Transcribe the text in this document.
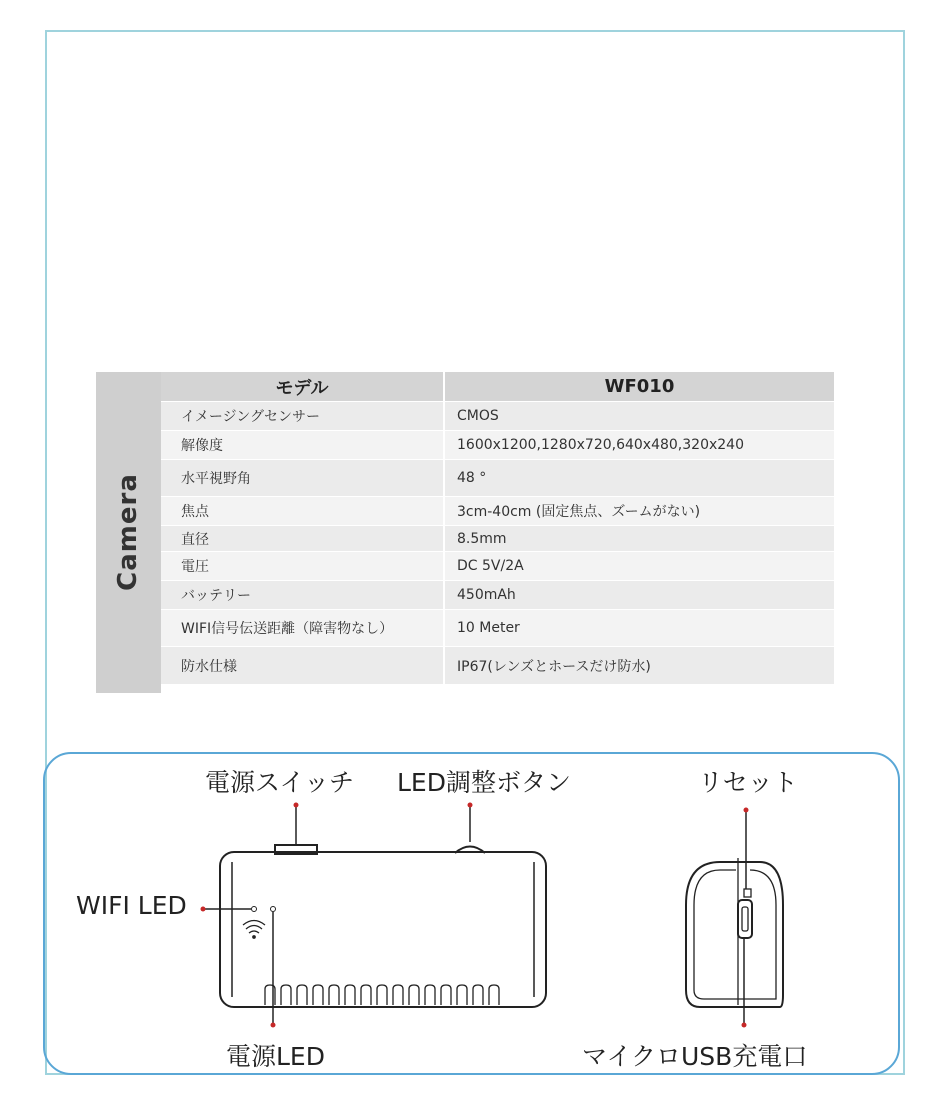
Camera
モデル	WF010
イメージングセンサー	CMOS
解像度	1600x1200,1280x720,640x480,320x240
水平視野角	48 °
焦点	3cm-40cm (固定焦点、ズームがない)
直径	8.5mm
電圧	DC 5V/2A
バッテリー	450mAh
WIFI信号伝送距離（障害物なし）	10 Meter
防水仕様	IP67(レンズとホースだけ防水)
電源スイッチ LED調整ボタン	リセット
WIFI LED
電源LED	マイクロUSB充電口
